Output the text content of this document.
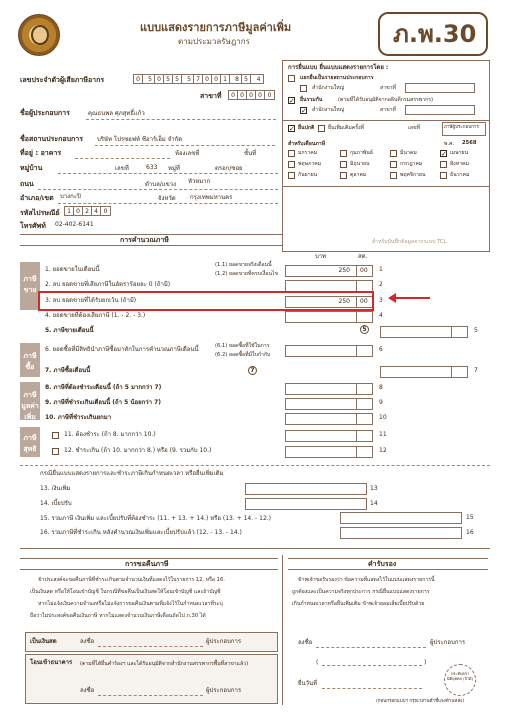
แบบแสดงรายการภาษีมูลค่าเพิ่ม
ตามประมวลรัษฎากร	ภ.พ.30
เลขประจำตัวผู้เสียภาษีอากร	0	5 0 5 5	5 7 0 0 1	8 5	4
สาขาที่	0 0 0 0 0
ชื่อผู้ประกอบการ	คุณธนพล ศุภสุทธิ์แก้ว
ชื่อสถานประกอบการ บริษัท โปรซอฟท์ ซีอาร์เอ็ม จำกัด
ที่อยู่ : อาคาร	ห้องเลขที่	ชั้นที่
หมู่บ้าน	เลขที่	633 หมู่ที่	ตรอก/ซอย
ถนน	ตำบล/แขวง หัวหมาก
อำเภอ/เขต บางกะปิ	จังหวัด กรุงเทพมหานคร
รหัสไปรษณีย์	1 0 2 4 0
โทรศัพท์ 02-402-6141
การยื่นแบบ ยื่นแบบแสดงรายการโดย :
แยกยื่นเป็นรายสถานประกอบการ
สำนักงานใหญ่	สาขาที่
✓ ยื่นรวมกัน	(ตามที่ได้รับอนุมัติจากอธิบดีกรมสรรพากร)
✓ สำนักงานใหญ่	สาขาที่
✓ ยื่นปกติ	ยื่นเพิ่มเติมครั้งที่	เลขที่	ภาษีผู้ประกอบการ
สำหรับเดือนภาษี	พ.ศ. 2568
มกราคม	กุมภาพันธ์	มีนาคม	✓ เมษายน
พฤษภาคม	มิถุนายน	กรกฎาคม	สิงหาคม
กันยายน	ตุลาคม	พฤศจิกายน	ธันวาคม
สำหรับบันทึกข้อมูลจากระบบ TCL
การคำนวณภาษี
บาท	สต.
ภาษีขาย
ภาษีซื้อ
ภาษีมูลค่าเพิ่ม
ภาษีสุทธิ
(1.1) ยอดขายจริงเดือนนี้
(1.2) ยอดขายที่ครบเงื่อนไข
(6.1) ยอดซื้อที่ใช้ในการ
(6.2) ยอดซื้อที่มีใบกำกับ
1. ยอดขายในเดือนนี้	250 00 1
2. ลบ ยอดขายที่เสียภาษีในอัตราร้อยละ 0 (ถ้ามี)	2
3. ลบ ยอดขายที่ได้รับยกเว้น (ถ้ามี)	250 00 3
4. ยอดขายที่ต้องเสียภาษี (1. - 2. - 3.)	4
5. ภาษีขายเดือนนี้	5
6. ยอดซื้อที่มีสิทธินำภาษีซื้อมาหักในการคำนวณภาษีเดือนนี้	6
7. ภาษีซื้อเดือนนี้	7
8. ภาษีที่ต้องชำระเดือนนี้ (ถ้า 5 มากกว่า 7)	8
9. ภาษีที่ชำระเกินเดือนนี้ (ถ้า 5 น้อยกว่า 7)	9
10. ภาษีที่ชำระเกินยกมา	10
11. ต้องชำระ (ถ้า 8. มากกว่า 10.)	11
12. ชำระเกิน (ถ้า 10. มากกว่า 8.) หรือ (9. รวมกับ 10.)	12
5
7
กรณียื่นแบบแสดงรายการและชำระภาษีเกินกำหนดเวลา หรือยื่นเพิ่มเติม
13. เงินเพิ่ม
14. เบี้ยปรับ
15. รวมภาษี เงินเพิ่ม และเบี้ยปรับที่ต้องชำระ (11. + 13. + 14.) หรือ (13. + 14. - 12.)
16. รวมภาษีที่ชำระเกิน หลังคำนวณเงินเพิ่มและเบี้ยปรับแล้ว (12. - 13. - 14.)
13
14
15
16
การขอคืนภาษี
ข้าประสงค์จะขอคืนภาษีที่ชำระเกินตามจำนวนเงินที่แสดงไว้ในรายการ 12. หรือ 16.
เป็นเงินสด หรือให้โอนเข้าบัญชี ในกรณีที่ขอคืนเป็นเงินสดให้โอนเข้าบัญชี และถ้าบัญชี
หากไม่แจ้งเงินความจำนงหรือไม่แจ้งการขอคืนเงินตามที่แจ้งไว้ในกำหนดเวลาที่ระบุ
ถือว่าไม่ประสงค์ขอคืนเงินภาษี หากไม่แสดงจำนวนเงินภาษีเดือนถัดไป ภ.30 ได้
เป็นเงินสด	ลงชื่อ	ผู้ประกอบการ
โอนเข้าธนาคาร (ตามที่ได้ยื่นคำร้องฯ และได้รับอนุมัติจากสำนักงานสรรพากรพื้นที่สาขาแล้ว)
ลงชื่อ	ผู้ประกอบการ
คำรับรอง
ข้าพเจ้าขอรับรองว่า ข้อความที่แสดงไว้ในแบบแสดงรายการนี้
ถูกต้องและเป็นความจริงทุกประการ กรณียื่นแบบแสดงรายการ
เกินกำหนดเวลาหรือยื่นเพิ่มเติม ข้าพเจ้ายอมเสียเบี้ยปรับด้วย
ลงชื่อ	ผู้ประกอบการ
(	)
ยื่นวันที่
ประทับตรา นิติบุคคล (ถ้ามี)
(ก่อนกรอกแบบฯ กรุณาอ่านคำชี้แจงด้านหลัง)
